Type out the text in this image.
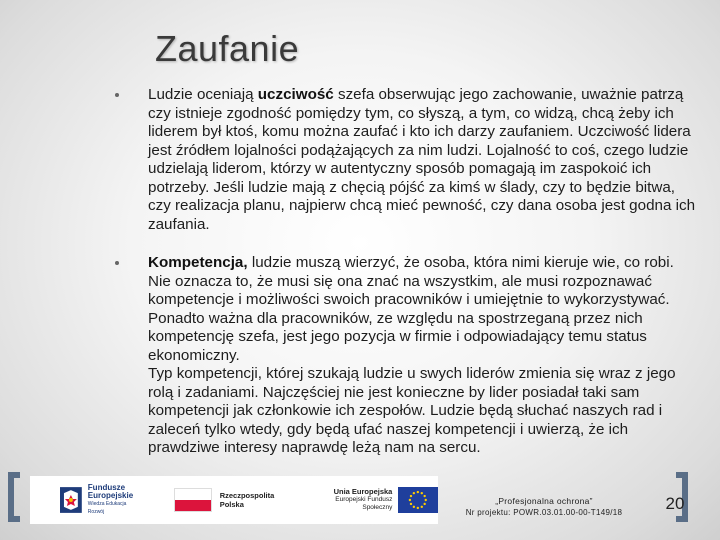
Zaufanie

Ludzie oceniają uczciwość szefa obserwując jego zachowanie, uważnie patrzą czy istnieje zgodność pomiędzy tym, co słyszą, a tym, co widzą, chcą żeby ich liderem był ktoś, komu można zaufać i kto ich darzy zaufaniem. Uczciwość lidera jest źródłem lojalności podążających za nim ludzi. Lojalność to coś, czego ludzie udzielają liderom, którzy w autentyczny sposób pomagają im zaspokoić ich potrzeby. Jeśli ludzie mają z chęcią pójść za kimś w ślady, czy to będzie bitwa, czy realizacja planu, najpierw chcą mieć pewność, czy dana osoba jest godna ich zaufania.

Kompetencja, ludzie muszą wierzyć, że osoba, która nimi kieruje wie, co robi. Nie oznacza to, że musi się ona znać na wszystkim, ale musi rozpoznawać kompetencje i możliwości swoich pracowników i umiejętnie to wykorzystywać. Ponadto ważna dla pracowników, ze względu na spostrzeganą przez nich kompetencję szefa, jest jego pozycja w firmie i odpowiadający temu status ekonomiczny.
Typ kompetencji, której szukają ludzie u swych liderów zmienia się wraz z jego rolą i zadaniami. Najczęściej nie jest konieczne by lider posiadał taki sam kompetencji jak członkowie ich zespołów. Ludzie będą słuchać naszych rad i zaleceń tylko wtedy, gdy będą ufać naszej kompetencji i uwierzą, że ich prawdziwe interesy naprawdę leżą nam na sercu.

Fundusze
Europejskie
Wiedza Edukacja Rozwój
Rzeczpospolita
Polska
Unia Europejska
Europejski Fundusz Społeczny
„Profesjonalna ochrona”
Nr projektu: POWR.03.01.00-00-T149/18	20
